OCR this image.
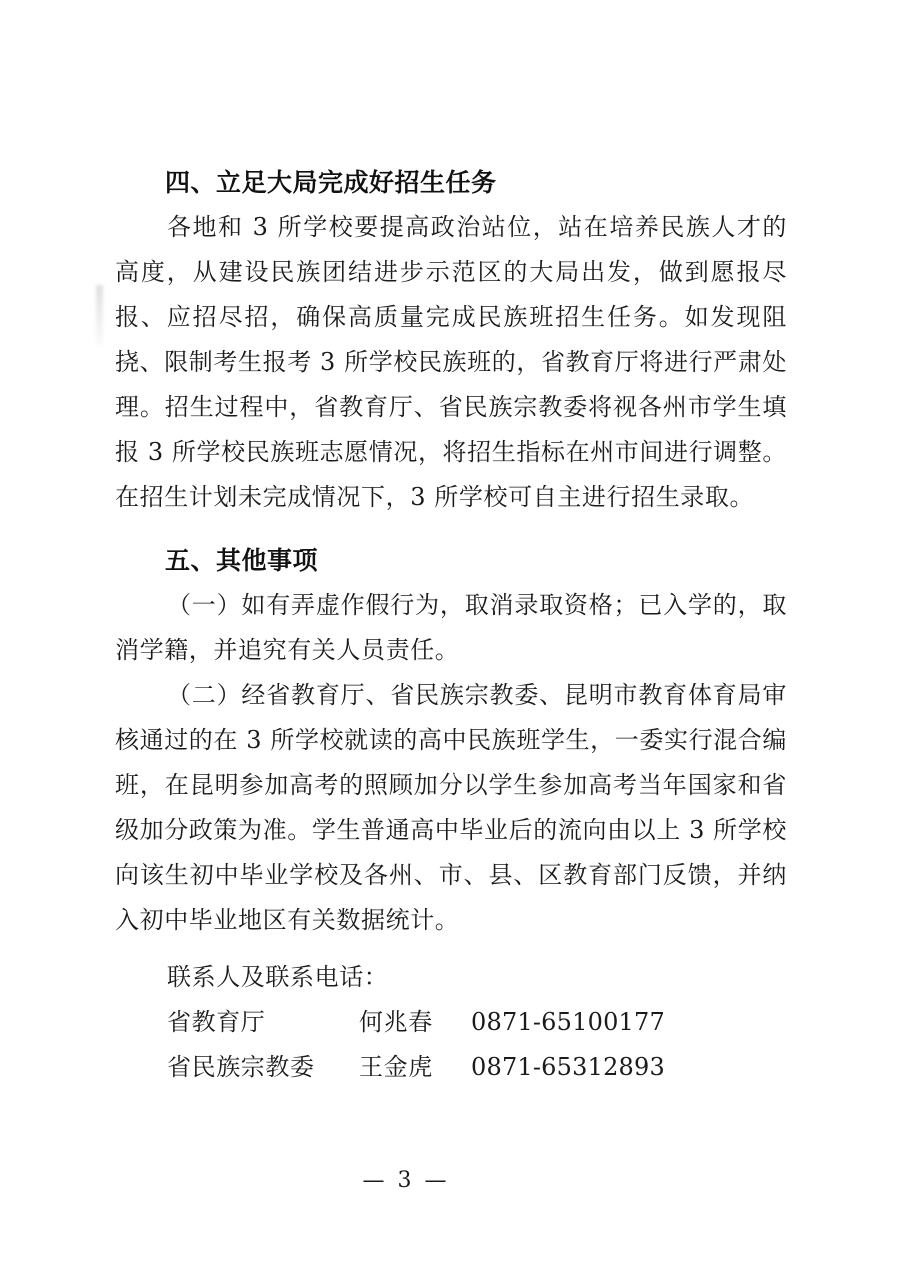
四、立足大局完成好招生任务

各地和 3 所学校要提高政治站位，站在培养民族人才的高度，从建设民族团结进步示范区的大局出发，做到愿报尽报、应招尽招，确保高质量完成民族班招生任务。如发现阻挠、限制考生报考 3 所学校民族班的，省教育厅将进行严肃处理。招生过程中，省教育厅、省民族宗教委将视各州市学生填报 3 所学校民族班志愿情况，将招生指标在州市间进行调整。在招生计划未完成情况下，3 所学校可自主进行招生录取。

五、其他事项

（一）如有弄虚作假行为，取消录取资格；已入学的，取消学籍，并追究有关人员责任。

（二）经省教育厅、省民族宗教委、昆明市教育体育局审核通过的在 3 所学校就读的高中民族班学生，一委实行混合编班，在昆明参加高考的照顾加分以学生参加高考当年国家和省级加分政策为准。学生普通高中毕业后的流向由以上 3 所学校向该生初中毕业学校及各州、市、县、区教育部门反馈，并纳入初中毕业地区有关数据统计。

联系人及联系电话：

省教育厅	何兆春	0871-65100177
省民族宗教委	王金虎	0871-65312893
— 3 —
